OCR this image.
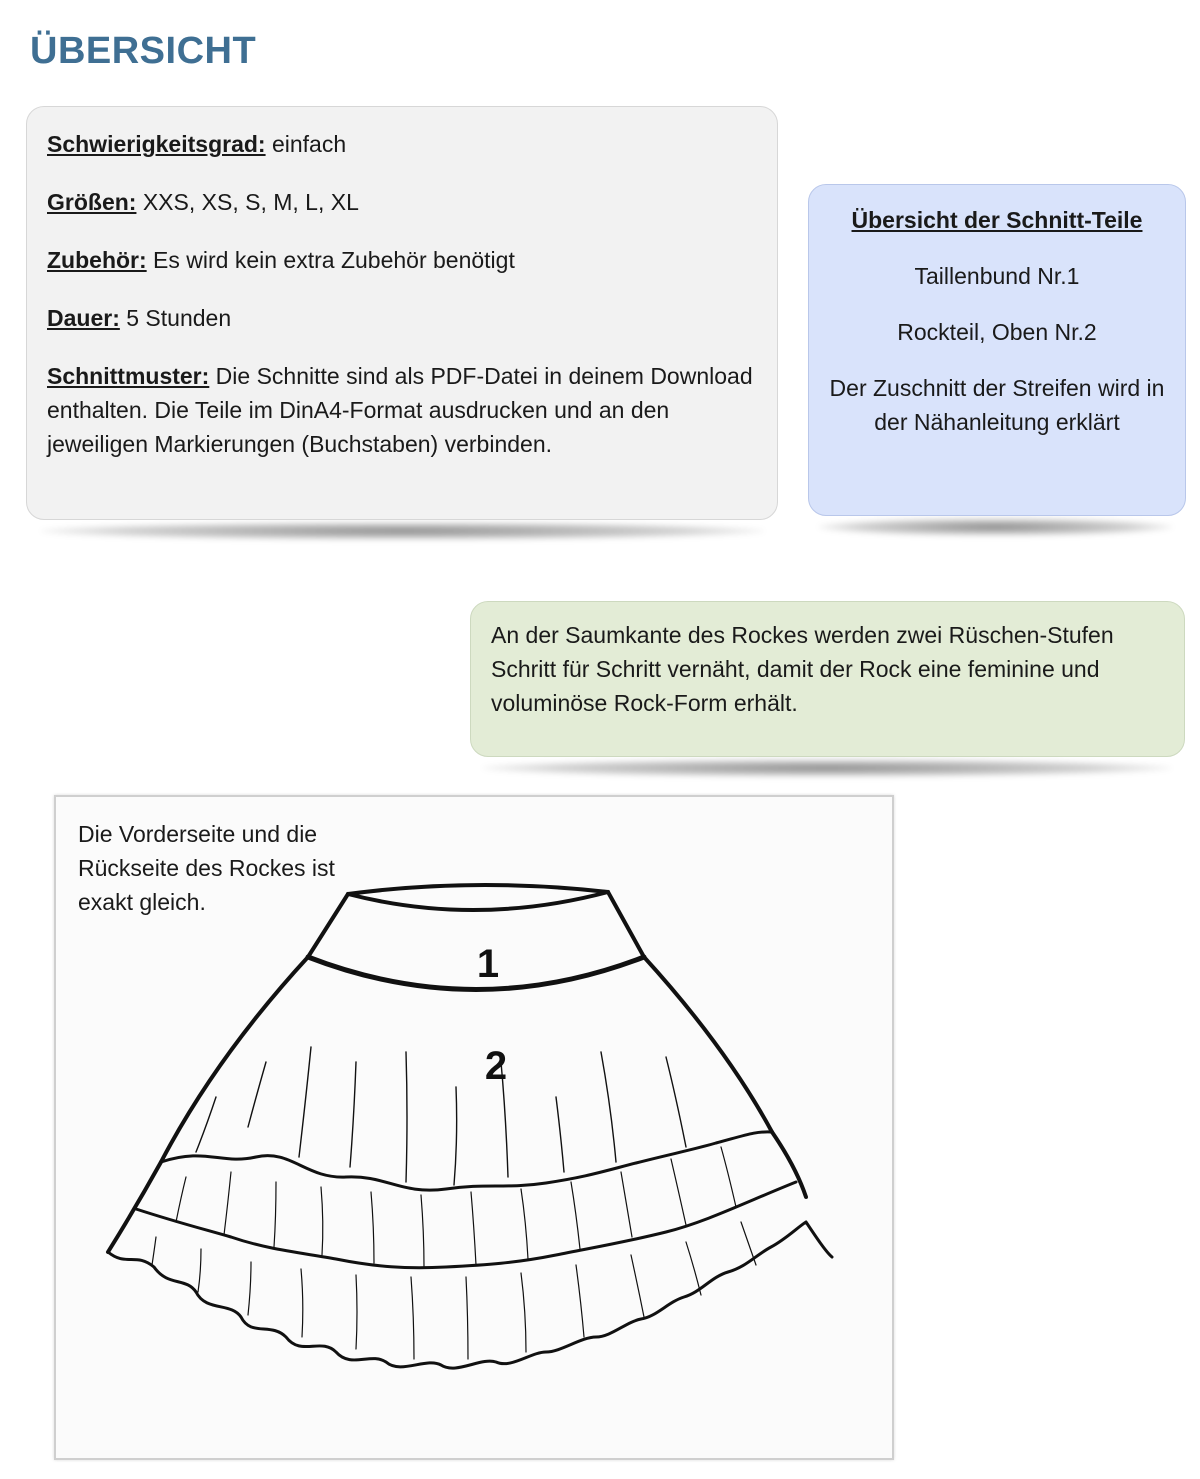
ÜBERSICHT

Schwierigkeitsgrad: einfach

Größen: XXS, XS, S, M, L, XL

Zubehör: Es wird kein extra Zubehör benötigt

Dauer: 5 Stunden

Schnittmuster: Die Schnitte sind als PDF-Datei in deinem Download enthalten. Die Teile im DinA4-Format ausdrucken und an den jeweiligen Markierungen (Buchstaben) verbinden.

Übersicht der Schnitt-Teile

Taillenbund Nr.1

Rockteil, Oben Nr.2

Der Zuschnitt der Streifen wird in der Nähanleitung erklärt

An der Saumkante des Rockes werden zwei Rüschen-Stufen Schritt für Schritt vernäht, damit der Rock eine feminine und voluminöse Rock-Form erhält.

1
2

Die Vorderseite und die Rückseite des Rockes ist exakt gleich.
